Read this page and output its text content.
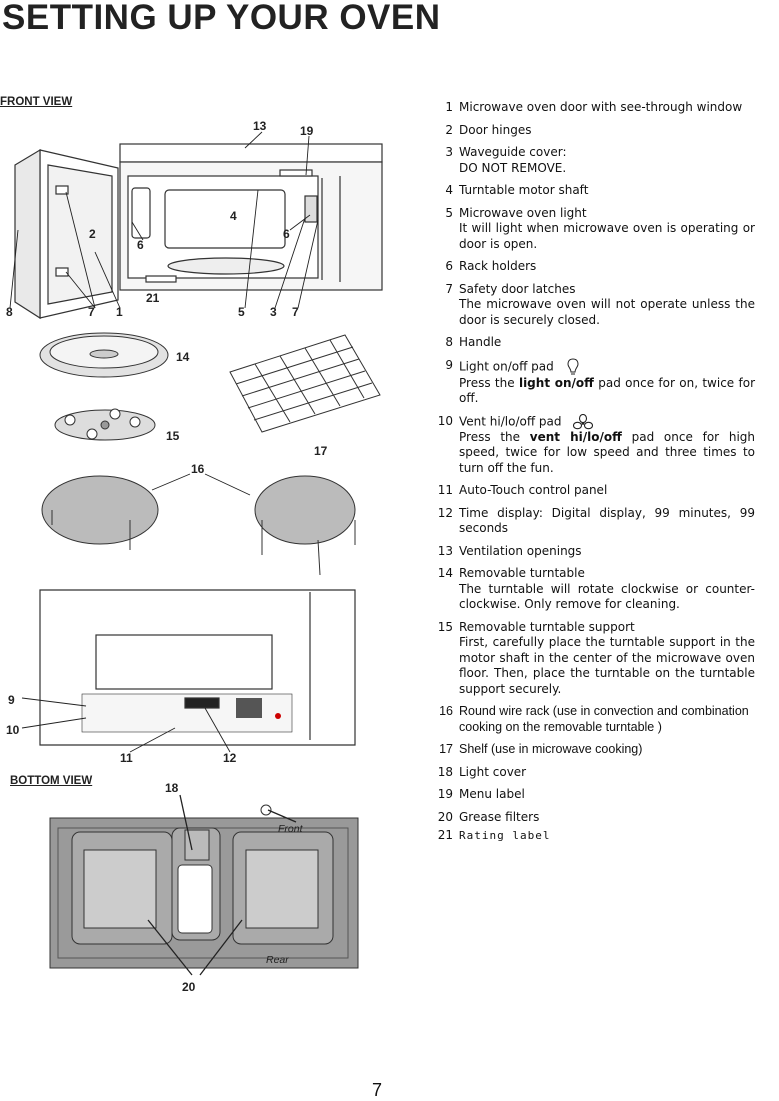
SETTING UP YOUR OVEN
FRONT VIEW
BOTTOM VIEW
Front
Rear
8	7 1
2
6
4
6
21
5 3 7
13	19
14
15
17
16
9
10
11	12
18
20
1 Microwave oven door with see-through window
2 Door hinges
3 Waveguide cover:
DO NOT REMOVE.
4 Turntable motor shaft
5 Microwave oven light
It will light when microwave oven is operating or door is open.
6 Rack holders
7 Safety door latches
The microwave oven will not operate unless the door is securely closed.
8 Handle
9 Light on/off pad
Press the light on/off pad once for on, twice for off.
10 Vent hi/lo/off pad
Press the vent hi/lo/off pad once for high speed, twice for low speed and three times to turn off the fun.
11 Auto-Touch control panel
12 Time display: Digital display, 99 minutes, 99 seconds
13 Ventilation openings
14 Removable turntable
The turntable will rotate clockwise or counter-clockwise. Only remove for cleaning.
15 Removable turntable support
First, carefully place the turntable support in the motor shaft in the center of the microwave oven floor. Then, place the turntable on the turntable support securely.
16 Round wire rack (use in convection and combination cooking on the removable turntable )
17 Shelf (use in microwave cooking)
18 Light cover
19 Menu label
20 Grease filters
21 Rating label
7
